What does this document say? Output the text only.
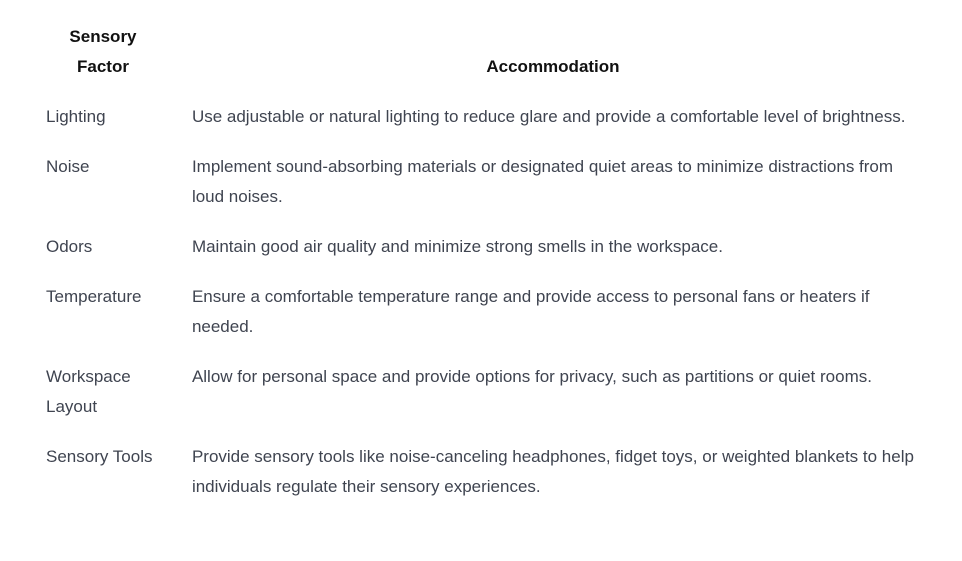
Sensory
Factor	Accommodation
Lighting	Use adjustable or natural lighting to reduce glare and provide a comfortable level of brightness.
Noise	Implement sound-absorbing materials or designated quiet areas to minimize distractions from loud noises.
Odors	Maintain good air quality and minimize strong smells in the workspace.
Temperature	Ensure a comfortable temperature range and provide access to personal fans or heaters if needed.
Workspace Layout	Allow for personal space and provide options for privacy, such as partitions or quiet rooms.
Sensory Tools	Provide sensory tools like noise-canceling headphones, fidget toys, or weighted blankets to help individuals regulate their sensory experiences.
